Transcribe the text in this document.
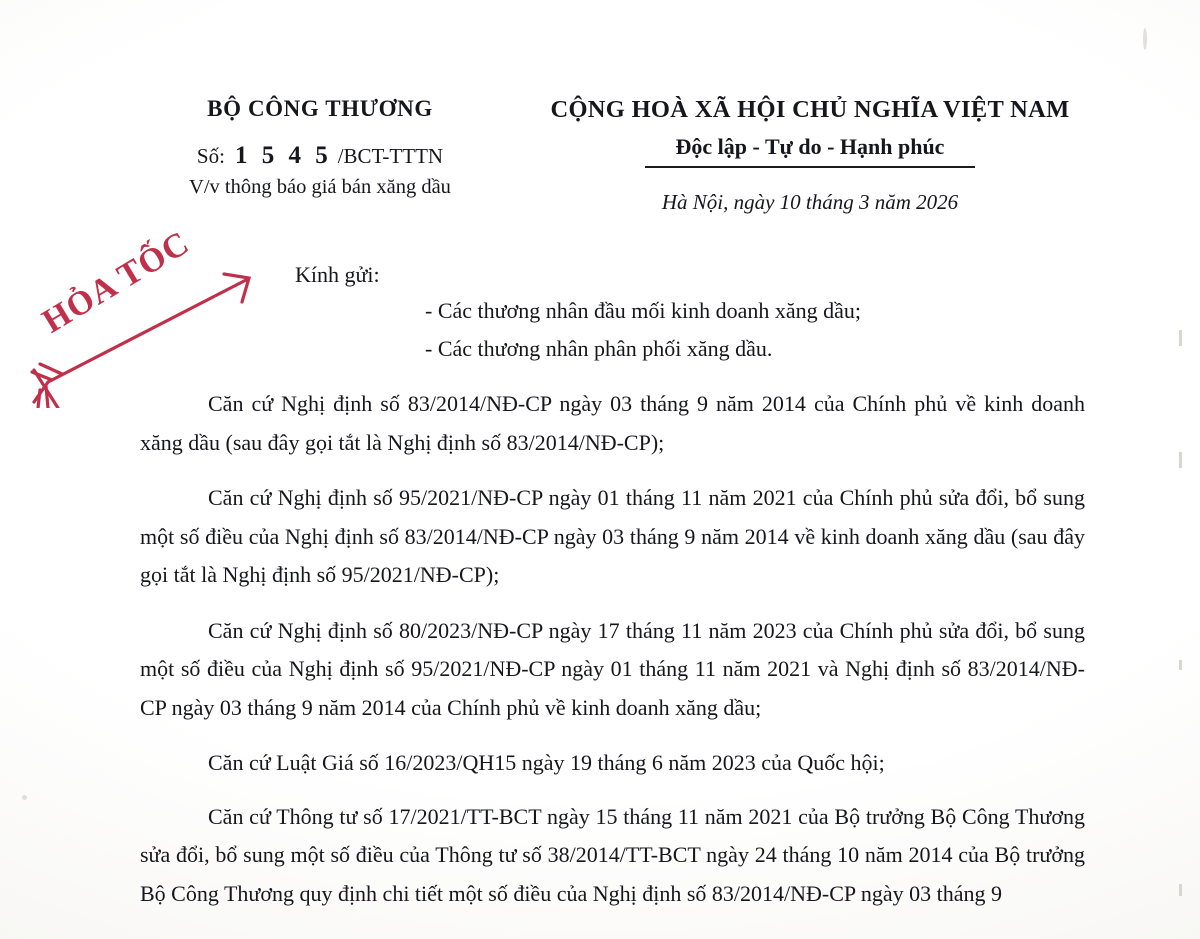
BỘ CÔNG THƯƠNG
Số: 1 5 4 5 /BCT-TTTN
V/v thông báo giá bán xăng dầu
CỘNG HOÀ XÃ HỘI CHỦ NGHĨA VIỆT NAM
Độc lập - Tự do - Hạnh phúc
Hà Nội, ngày 10 tháng 3 năm 2026
HỎA TỐC	Kính gửi:
- Các thương nhân đầu mối kinh doanh xăng dầu;
- Các thương nhân phân phối xăng dầu.

Căn cứ Nghị định số 83/2014/NĐ-CP ngày 03 tháng 9 năm 2014 của Chính phủ về kinh doanh xăng dầu (sau đây gọi tắt là Nghị định số 83/2014/NĐ-CP);

Căn cứ Nghị định số 95/2021/NĐ-CP ngày 01 tháng 11 năm 2021 của Chính phủ sửa đổi, bổ sung một số điều của Nghị định số 83/2014/NĐ-CP ngày 03 tháng 9 năm 2014 về kinh doanh xăng dầu (sau đây gọi tắt là Nghị định số 95/2021/NĐ-CP);

Căn cứ Nghị định số 80/2023/NĐ-CP ngày 17 tháng 11 năm 2023 của Chính phủ sửa đổi, bổ sung một số điều của Nghị định số 95/2021/NĐ-CP ngày 01 tháng 11 năm 2021 và Nghị định số 83/2014/NĐ-CP ngày 03 tháng 9 năm 2014 của Chính phủ về kinh doanh xăng dầu;

Căn cứ Luật Giá số 16/2023/QH15 ngày 19 tháng 6 năm 2023 của Quốc hội;

Căn cứ Thông tư số 17/2021/TT-BCT ngày 15 tháng 11 năm 2021 của Bộ trưởng Bộ Công Thương sửa đổi, bổ sung một số điều của Thông tư số 38/2014/TT-BCT ngày 24 tháng 10 năm 2014 của Bộ trưởng Bộ Công Thương quy định chi tiết một số điều của Nghị định số 83/2014/NĐ-CP ngày 03 tháng 9
